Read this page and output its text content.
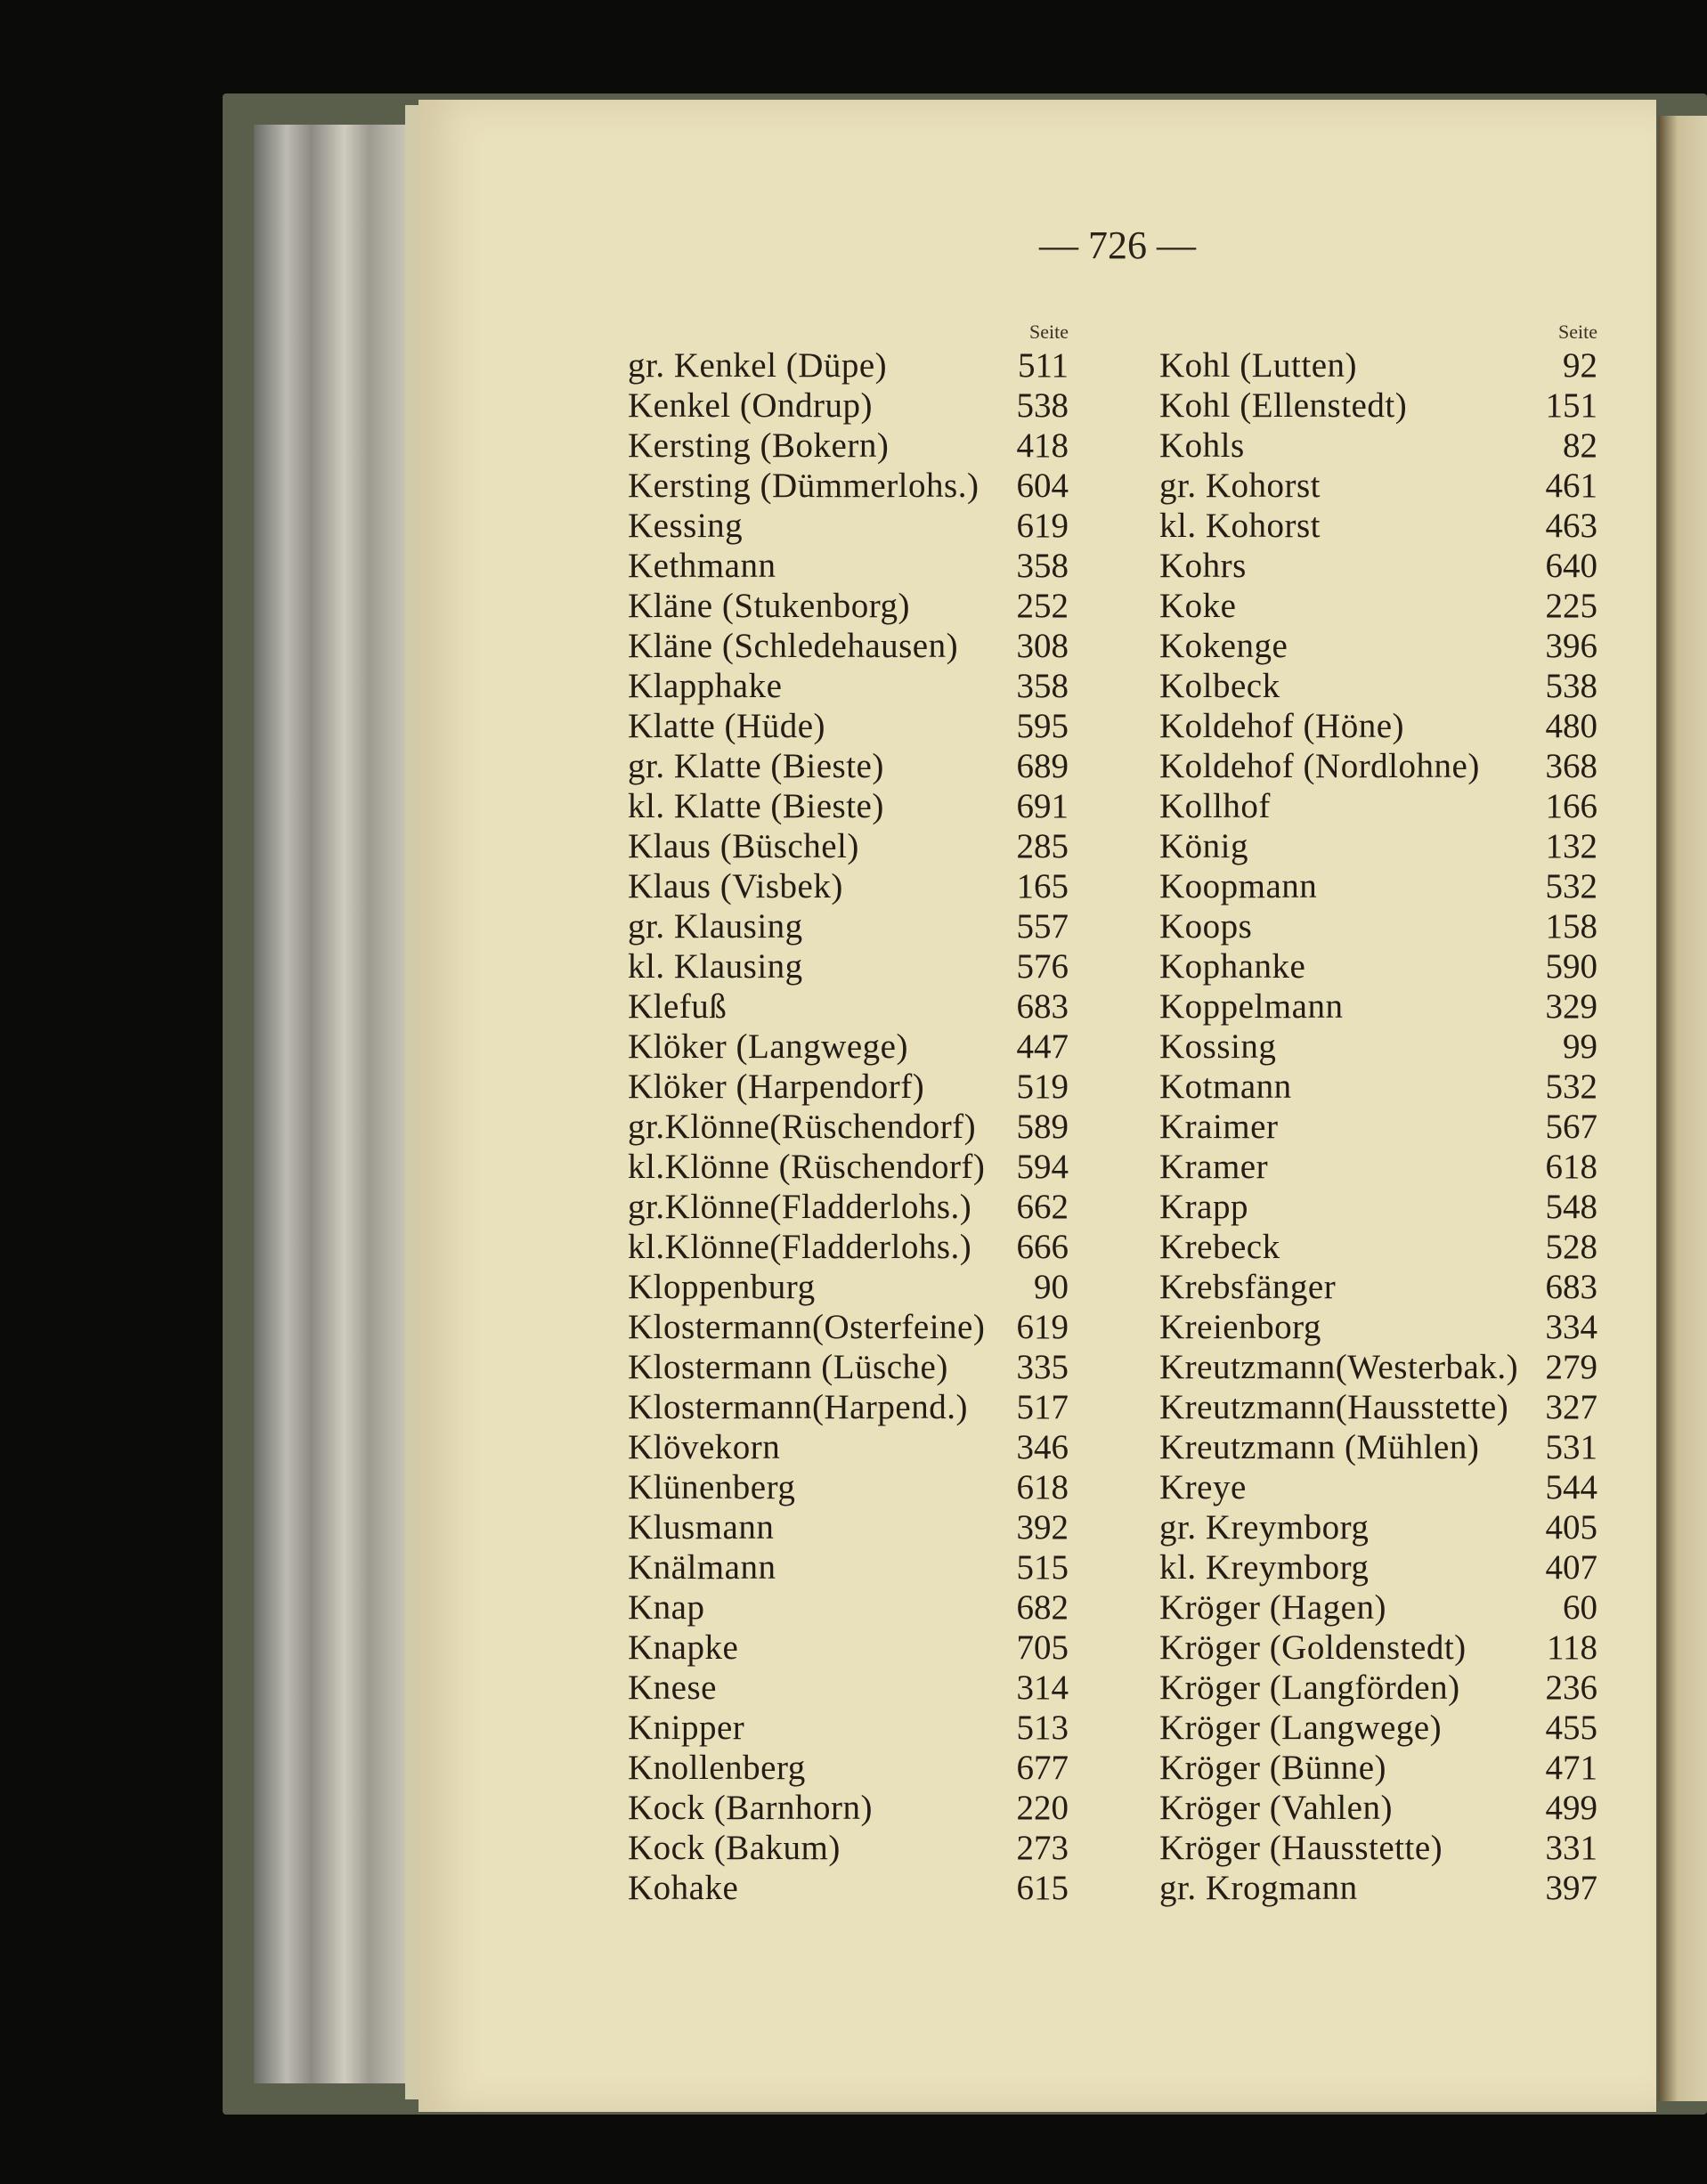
— 726 —
Seite
gr. Kenkel (Düpe)	511
Kenkel (Ondrup)	538
Kersting (Bokern)	418
Kersting (Dümmerlohs.) 604
Kessing	619
Kethmann	358
Kläne (Stukenborg)	252
Kläne (Schledehausen) 308
Klapphake	358
Klatte (Hüde)	595
gr. Klatte (Bieste)	689
kl. Klatte (Bieste)	691
Klaus (Büschel)	285
Klaus (Visbek)	165
gr. Klausing	557
kl. Klausing	576
Klefuß	683
Klöker (Langwege)	447
Klöker (Harpendorf)	519
gr.Klönne(Rüschendorf) 589
kl.Klönne (Rüschendorf) 594
gr.Klönne(Fladderlohs.) 662
kl.Klönne(Fladderlohs.) 666
Kloppenburg	90
Klostermann(Osterfeine) 619
Klostermann (Lüsche) 335
Klostermann(Harpend.) 517
Klövekorn	346
Klünenberg	618
Klusmann	392
Knälmann	515
Knap	682
Knapke	705
Knese	314
Knipper	513
Knollenberg	677
Kock (Barnhorn)	220
Kock (Bakum)	273
Kohake	615
Seite
Kohl (Lutten)	92
Kohl (Ellenstedt)	151
Kohls	82
gr. Kohorst	461
kl. Kohorst	463
Kohrs	640
Koke	225
Kokenge	396
Kolbeck	538
Koldehof (Höne)	480
Koldehof (Nordlohne) 368
Kollhof	166
König	132
Koopmann	532
Koops	158
Kophanke	590
Koppelmann	329
Kossing	99
Kotmann	532
Kraimer	567
Kramer	618
Krapp	548
Krebeck	528
Krebsfänger	683
Kreienborg	334
Kreutzmann(Westerbak.) 279
Kreutzmann(Hausstette) 327
Kreutzmann (Mühlen) 531
Kreye	544
gr. Kreymborg	405
kl. Kreymborg	407
Kröger (Hagen)	60
Kröger (Goldenstedt) 118
Kröger (Langförden) 236
Kröger (Langwege)	455
Kröger (Bünne)	471
Kröger (Vahlen)	499
Kröger (Hausstette)	331
gr. Krogmann	397
